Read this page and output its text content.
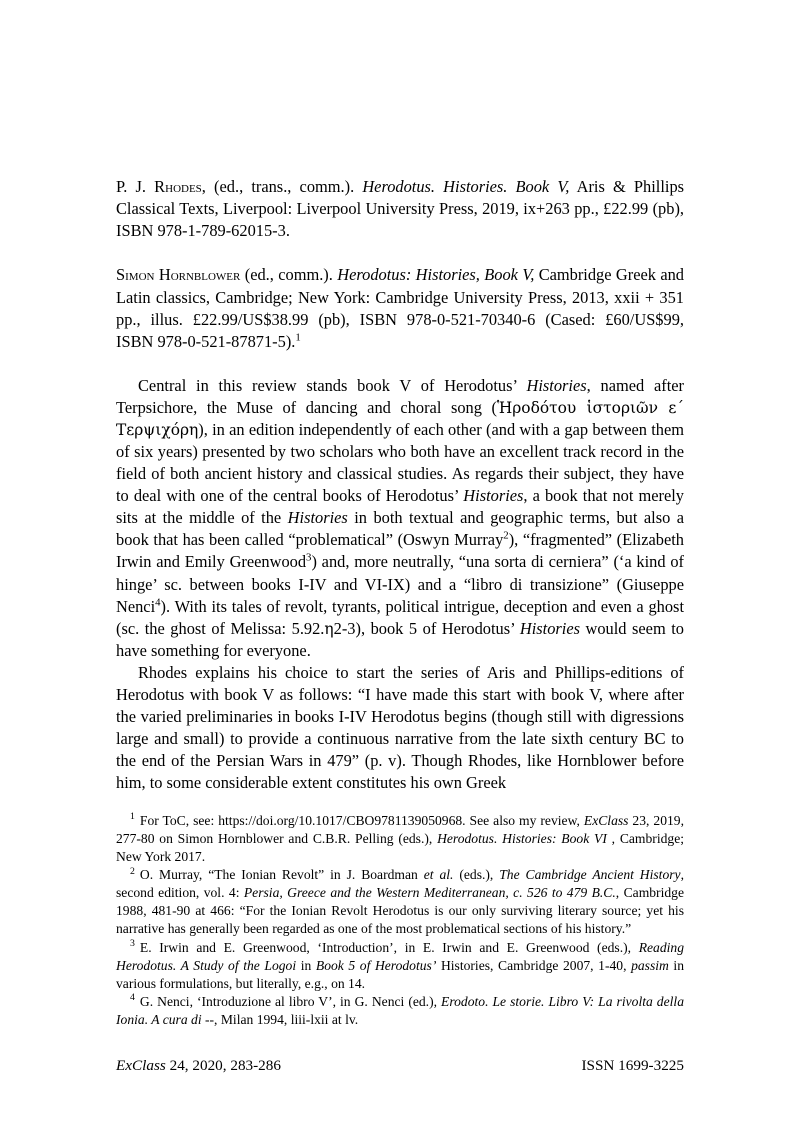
P. J. Rhodes, (ed., trans., comm.). Herodotus. Histories. Book V, Aris & Phillips Classical Texts, Liverpool: Liverpool University Press, 2019, ix+263 pp., £22.99 (pb), ISBN 978-1-789-62015-3.

Simon Hornblower (ed., comm.). Herodotus: Histories, Book V, Cambridge Greek and Latin classics, Cambridge; New York: Cambridge University Press, 2013, xxii + 351 pp., illus. £22.99/US$38.99 (pb), ISBN 978-0-521-70340-6 (Cased: £60/US$99, ISBN 978-0-521-87871-5).$^1$

Central in this review stands book V of Herodotus’ Histories, named after Terpsichore, the Muse of dancing and choral song (Ἡροδότου ἱστοριῶν ε΄ Τερψιχόρη), in an edition independently of each other (and with a gap between them of six years) presented by two scholars who both have an excellent track record in the field of both ancient history and classical studies. As regards their subject, they have to deal with one of the central books of Herodotus’ Histories, a book that not merely sits at the middle of the Histories in both textual and geographic terms, but also a book that has been called “problematical” (Oswyn Murray$^2$), “fragmented” (Elizabeth Irwin and Emily Greenwood$^3$) and, more neutrally, “una sorta di cerniera” (‘a kind of hinge’ sc. between books I-IV and VI-IX) and a “libro di transizione” (Giuseppe Nenci$^4$). With its tales of revolt, tyrants, political intrigue, deception and even a ghost (sc. the ghost of Melissa: 5.92.η2-3), book 5 of Herodotus’ Histories would seem to have something for everyone.

Rhodes explains his choice to start the series of Aris and Phillips-editions of Herodotus with book V as follows: “I have made this start with book V, where after the varied preliminaries in books I-IV Herodotus begins (though still with digressions large and small) to provide a continuous narrative from the late sixth century BC to the end of the Persian Wars in 479” (p. v). Though Rhodes, like Hornblower before him, to some considerable extent constitutes his own Greek

$^1$ For ToC, see: https://doi.org/10.1017/CBO9781139050968. See also my review, ExClass 23, 2019, 277-80 on Simon Hornblower and C.B.R. Pelling (eds.), Herodotus. Histories: Book VI , Cambridge; New York 2017.

$^2$ O. Murray, “The Ionian Revolt” in J. Boardman et al. (eds.), The Cambridge Ancient History, second edition, vol. 4: Persia, Greece and the Western Mediterranean, c. 526 to 479 B.C., Cambridge 1988, 481-90 at 466: “For the Ionian Revolt Herodotus is our only surviving literary source; yet his narrative has generally been regarded as one of the most problematical sections of his history.”

$^3$ E. Irwin and E. Greenwood, ‘Introduction’, in E. Irwin and E. Greenwood (eds.), Reading Herodotus. A Study of the Logoi in Book 5 of Herodotus’ Histories, Cambridge 2007, 1-40, passim in various formulations, but literally, e.g., on 14.

$^4$ G. Nenci, ‘Introduzione al libro V’, in G. Nenci (ed.), Erodoto. Le storie. Libro V: La rivolta della Ionia. A cura di --, Milan 1994, liii-lxii at lv.

ExClass 24, 2020, 283-286	ISSN 1699-3225
